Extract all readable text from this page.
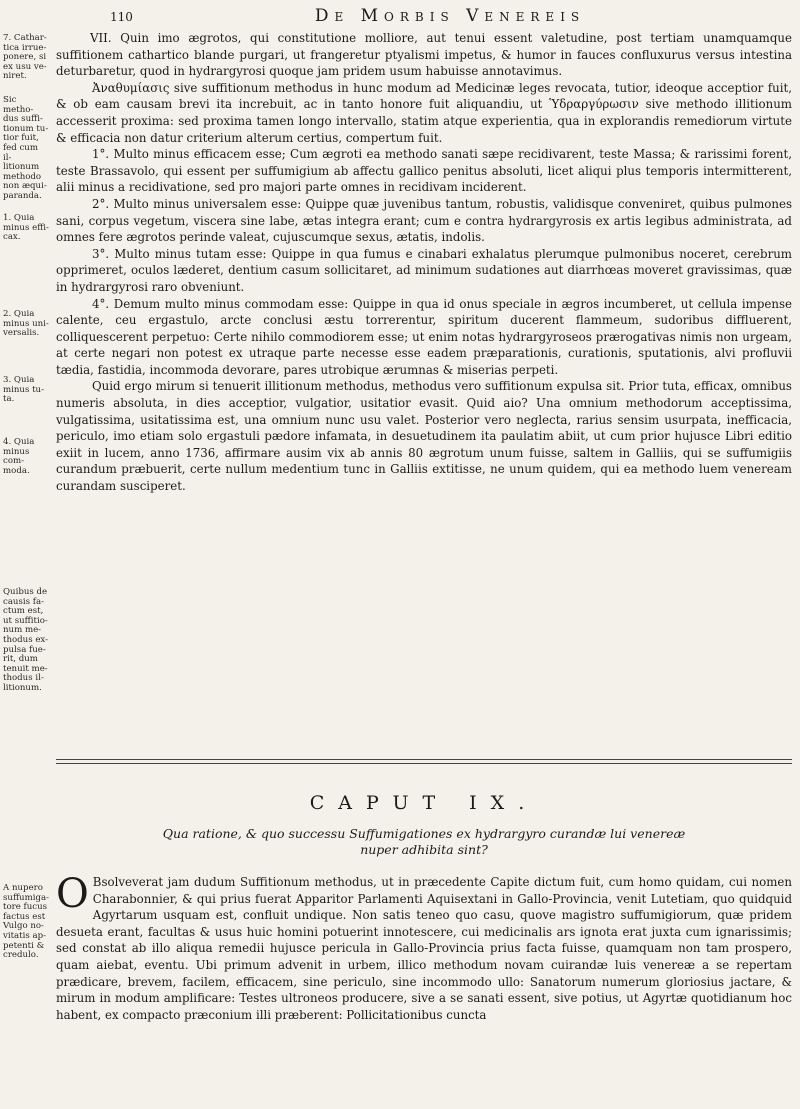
110	De Morbis Venereis
7. Cathar-
tica irrue-
ponere, si
ex usu ve-
niret.
Sic metho-
dus suffi-
tionum tu-
tior fuit,
fed cum il-
litionum
methodo
non æqui-
paranda.
1. Quia
minus effi-
cax.
2. Quia
minus uni-
versalis.
3. Quia
minus tu-
ta.
4. Quia
minus com-
moda.
Quibus de
causis fa-
ctum est,
ut suffitio-
num me-
thodus ex-
pulsa fue-
rit, dum
tenuit me-
thodus il-
litionum.
A nupero
suffumiga-
tore fucus
factus est
Vulgo no-
vitatis ap-
petenti &
credulo.

VII. Quin imo ægrotos, qui constitutione molliore, aut tenui essent valetudine, post tertiam unamquamque suffitionem cathartico blande purgari, ut frangeretur ptyalismi impetus, & humor in fauces confluxurus versus intestina deturbaretur, quod in hydrargyrosi quoque jam pridem usum habuisse annotavimus.

Ἀναθυμίασις sive suffitionum methodus in hunc modum ad Medicinæ leges revocata, tutior, ideoque acceptior fuit, & ob eam causam brevi ita increbuit, ac in tanto honore fuit aliquandiu, ut Ὑδραργύρωσιν sive methodo illitionum accesserit proxima: sed proxima tamen longo intervallo, statim atque experientia, qua in explorandis remediorum virtute & efficacia non datur criterium alterum certius, compertum fuit.

1°. Multo minus efficacem esse; Cum ægroti ea methodo sanati sæpe recidivarent, teste Massa; & rarissimi forent, teste Brassavolo, qui essent per suffumigium ab affectu gallico penitus absoluti, licet aliqui plus temporis intermitterent, alii minus a recidivatione, sed pro majori parte omnes in recidivam inciderent.

2°. Multo minus universalem esse: Quippe quæ juvenibus tantum, robustis, validisque conveniret, quibus pulmones sani, corpus vegetum, viscera sine labe, ætas integra erant; cum e contra hydrargyrosis ex artis legibus administrata, ad omnes fere ægrotos perinde valeat, cujuscumque sexus, ætatis, indolis.

3°. Multo minus tutam esse: Quippe in qua fumus e cinabari exhalatus plerumque pulmonibus noceret, cerebrum opprimeret, oculos læderet, dentium casum sollicitaret, ad minimum sudationes aut diarrhœas moveret gravissimas, quæ in hydrargyrosi raro obveniunt.

4°. Demum multo minus commodam esse: Quippe in qua id onus speciale in ægros incumberet, ut cellula impense calente, ceu ergastulo, arcte conclusi æstu torrerentur, spiritum ducerent flammeum, sudoribus diffluerent, colliquescerent perpetuo: Certe nihilo commodiorem esse; ut enim notas hydrargyroseos prærogativas nimis non urgeam, at certe negari non potest ex utraque parte necesse esse eadem præparationis, curationis, sputationis, alvi profluvii tædia, fastidia, incommoda devorare, pares utrobique ærumnas & miserias perpeti.

Quid ergo mirum si tenuerit illitionum methodus, methodus vero suffitionum expulsa sit. Prior tuta, efficax, omnibus numeris absoluta, in dies acceptior, vulgatior, usitatior evasit. Quid aio? Una omnium methodorum acceptissima, vulgatissima, usitatissima est, una omnium nunc usu valet. Posterior vero neglecta, rarius sensim usurpata, inefficacia, periculo, imo etiam solo ergastuli pædore infamata, in desuetudinem ita paulatim abiit, ut cum prior hujusce Libri editio exiit in lucem, anno 1736, affirmare ausim vix ab annis 80 ægrotum unum fuisse, saltem in Galliis, qui se suffumigiis curandum præbuerit, certe nullum medentium tunc in Galliis extitisse, ne unum quidem, qui ea methodo luem veneream curandam susciperet.

CAPUT IX.
Qua ratione, & quo successu Suffumigationes ex hydrargyro curandæ lui venereæ
nuper adhibita sint?
O Bsolveverat jam dudum Suffitionum methodus, ut in præcedente Capite dictum fuit, cum homo quidam, cui nomen Charabonnier, & qui prius fuerat Apparitor Parlamenti Aquisextani in Gallo-Provincia, venit Lutetiam, quo quidquid Agyrtarum usquam est, confluit undique. Non satis teneo quo casu, quove magistro suffumigiorum, quæ pridem desueta erant, facultas & usus huic homini potuerint innotescere, cui medicinalis ars ignota erat juxta cum ignarissimis; sed constat ab illo aliqua remedii hujusce pericula in Gallo-Provincia prius facta fuisse, quamquam non tam prospero, quam aiebat, eventu. Ubi primum advenit in urbem, illico methodum novam cuirandæ luis venereæ a se repertam prædicare, brevem, facilem, efficacem, sine periculo, sine incommodo ullo: Sanatorum numerum gloriosius jactare, & mirum in modum amplificare: Testes ultroneos producere, sive a se sanati essent, sive potius, ut Agyrtæ quotidianum hoc habent, ex compacto præconium illi præberent: Pollicitationibus cuncta
